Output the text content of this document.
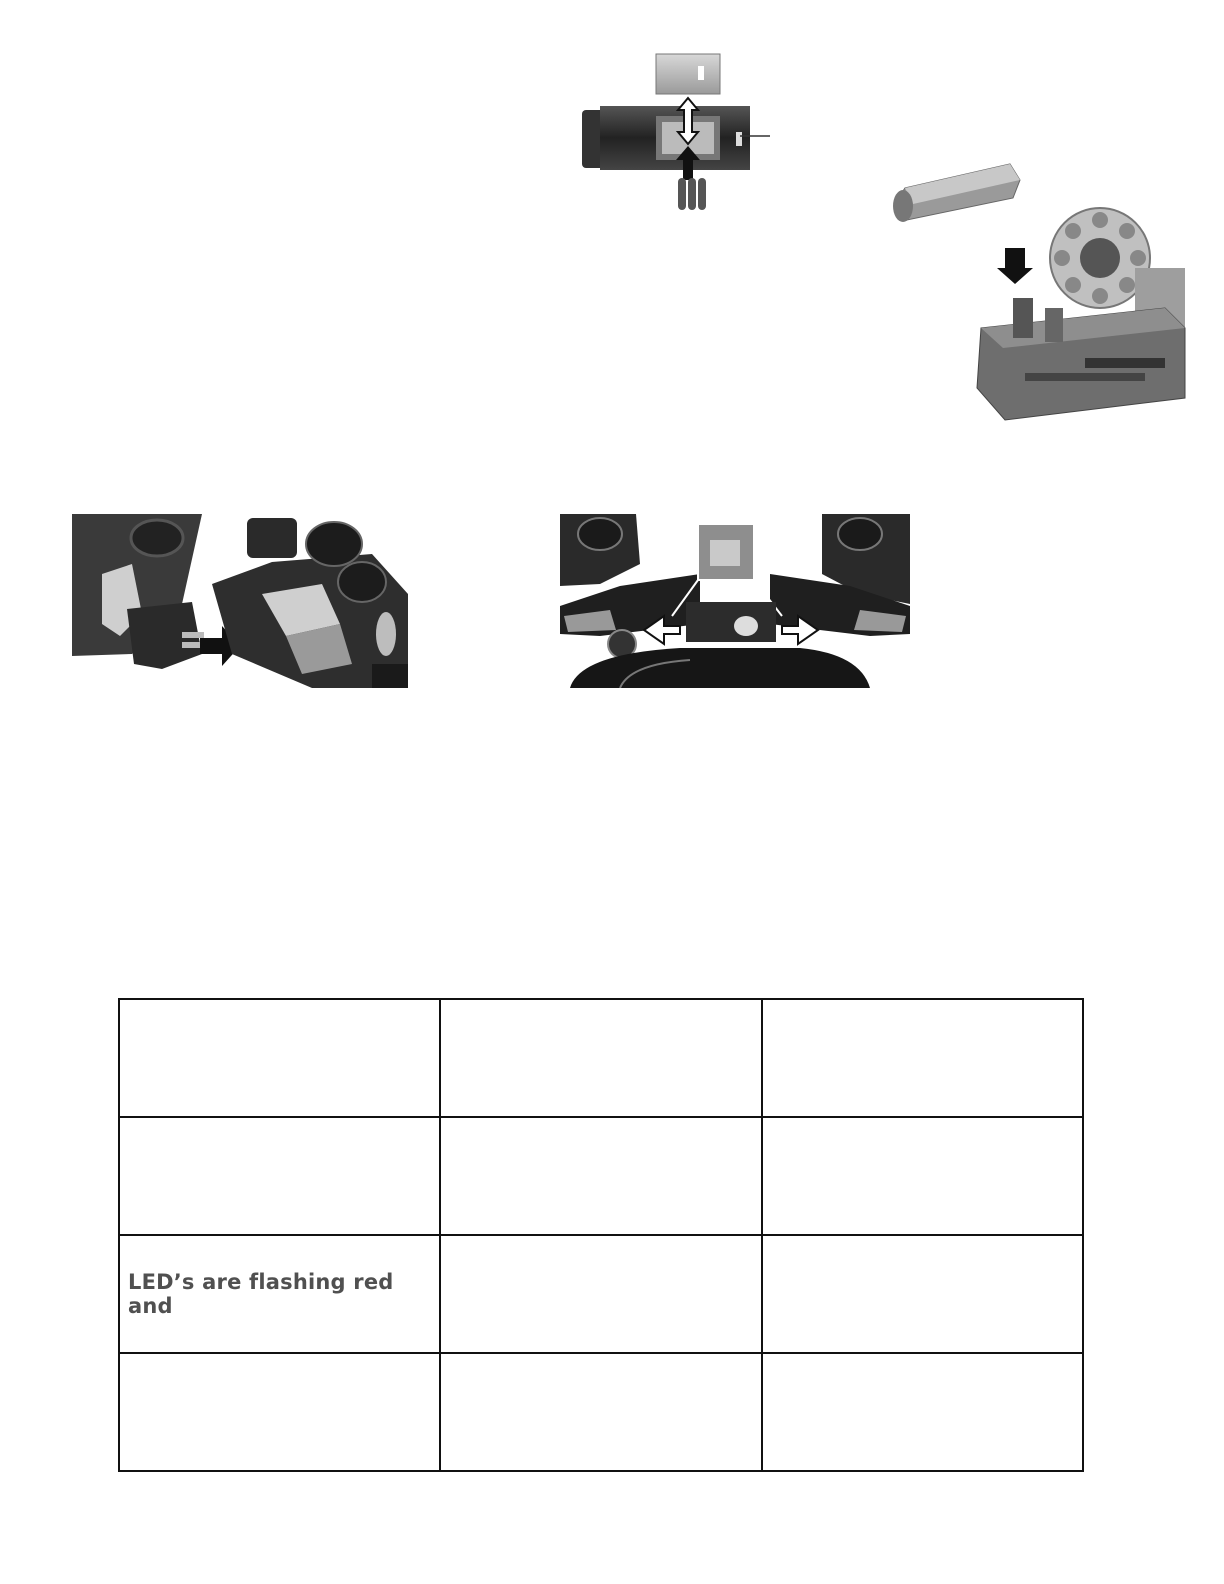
LED’s are flashing red and		
